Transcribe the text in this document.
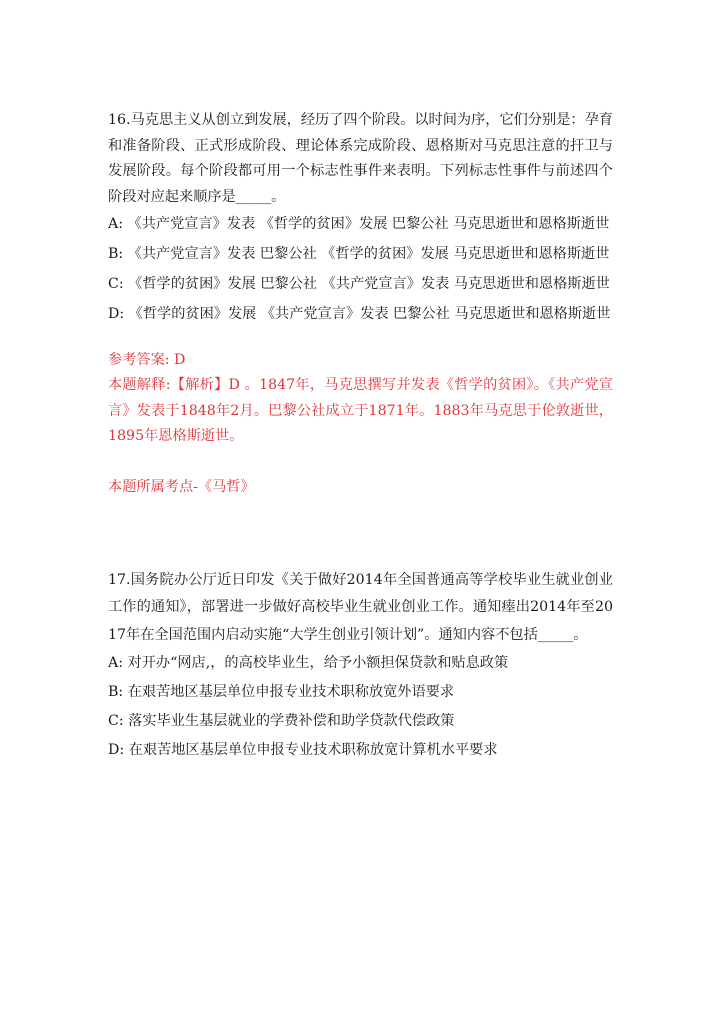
16.马克思主义从创立到发展，经历了四个阶段。以时间为序，它们分别是：孕育和准备阶段、正式形成阶段、理论体系完成阶段、恩格斯对马克思注意的扞卫与发展阶段。每个阶段都可用一个标志性事件来表明。下列标志性事件与前述四个阶段对应起来顺序是_____。

A: 《共产党宣言》发表 《哲学的贫困》发展 巴黎公社 马克思逝世和恩格斯逝世

B: 《共产党宣言》发表 巴黎公社 《哲学的贫困》发展 马克思逝世和恩格斯逝世

C: 《哲学的贫困》发展 巴黎公社 《共产党宣言》发表 马克思逝世和恩格斯逝世

D: 《哲学的贫困》发展 《共产党宣言》发表 巴黎公社 马克思逝世和恩格斯逝世

参考答案: D

本题解释:【解析】D 。1847年，马克思撰写并发表《哲学的贫困》。《共产党宣言》发表于1848年2月。巴黎公社成立于1871年。1883年马克思于伦敦逝世，1895年恩格斯逝世。

本题所属考点-《马哲》

17.国务院办公厅近日印发《关于做好2014年全国普通高等学校毕业生就业创业工作的通知》，部署进一步做好高校毕业生就业创业工作。通知瘗出2014年至2017年在全国范围内启动实施“大学生创业引领计划”。通知内容不包括_____。

A: 对开办“网店,，的高校毕业生，给予小额担保贷款和贴息政策

B: 在艰苦地区基层单位申报专业技术职称放宽外语要求

C: 落实毕业生基层就业的学费补偿和助学贷款代偿政策

D: 在艰苦地区基层单位申报专业技术职称放宽计算机水平要求
